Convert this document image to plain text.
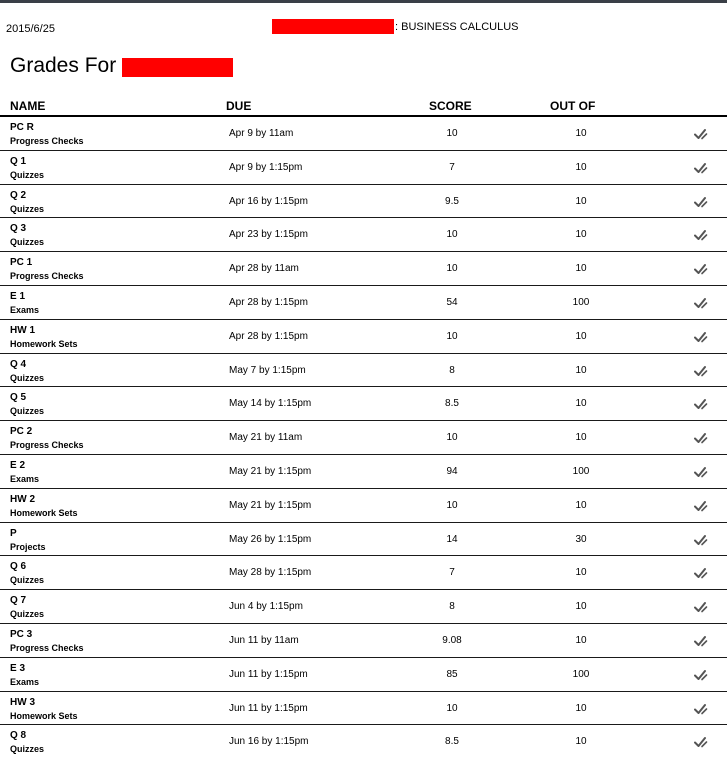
2015/6/25	: BUSINESS CALCULUS
Grades For
NAME	DUE	SCORE	OUT OF
PC R
Progress Checks
Apr 9 by 11am	10	10
Q 1
Quizzes
Apr 9 by 1:15pm	7	10
Q 2
Quizzes
Apr 16 by 1:15pm	9.5	10
Q 3
Quizzes
Apr 23 by 1:15pm	10	10
PC 1
Progress Checks
Apr 28 by 11am	10	10
E 1
Exams
Apr 28 by 1:15pm	54	100
HW 1
Homework Sets
Apr 28 by 1:15pm	10	10
Q 4
Quizzes
May 7 by 1:15pm	8	10
Q 5
Quizzes
May 14 by 1:15pm	8.5	10
PC 2
Progress Checks
May 21 by 11am	10	10
E 2
Exams
May 21 by 1:15pm	94	100
HW 2
Homework Sets
May 21 by 1:15pm	10	10
P
Projects
May 26 by 1:15pm	14	30
Q 6
Quizzes
May 28 by 1:15pm	7	10
Q 7
Quizzes
Jun 4 by 1:15pm	8	10
PC 3
Progress Checks
Jun 11 by 11am	9.08	10
E 3
Exams
Jun 11 by 1:15pm	85	100
HW 3
Homework Sets
Jun 11 by 1:15pm	10	10
Q 8
Quizzes
Jun 16 by 1:15pm	8.5	10
